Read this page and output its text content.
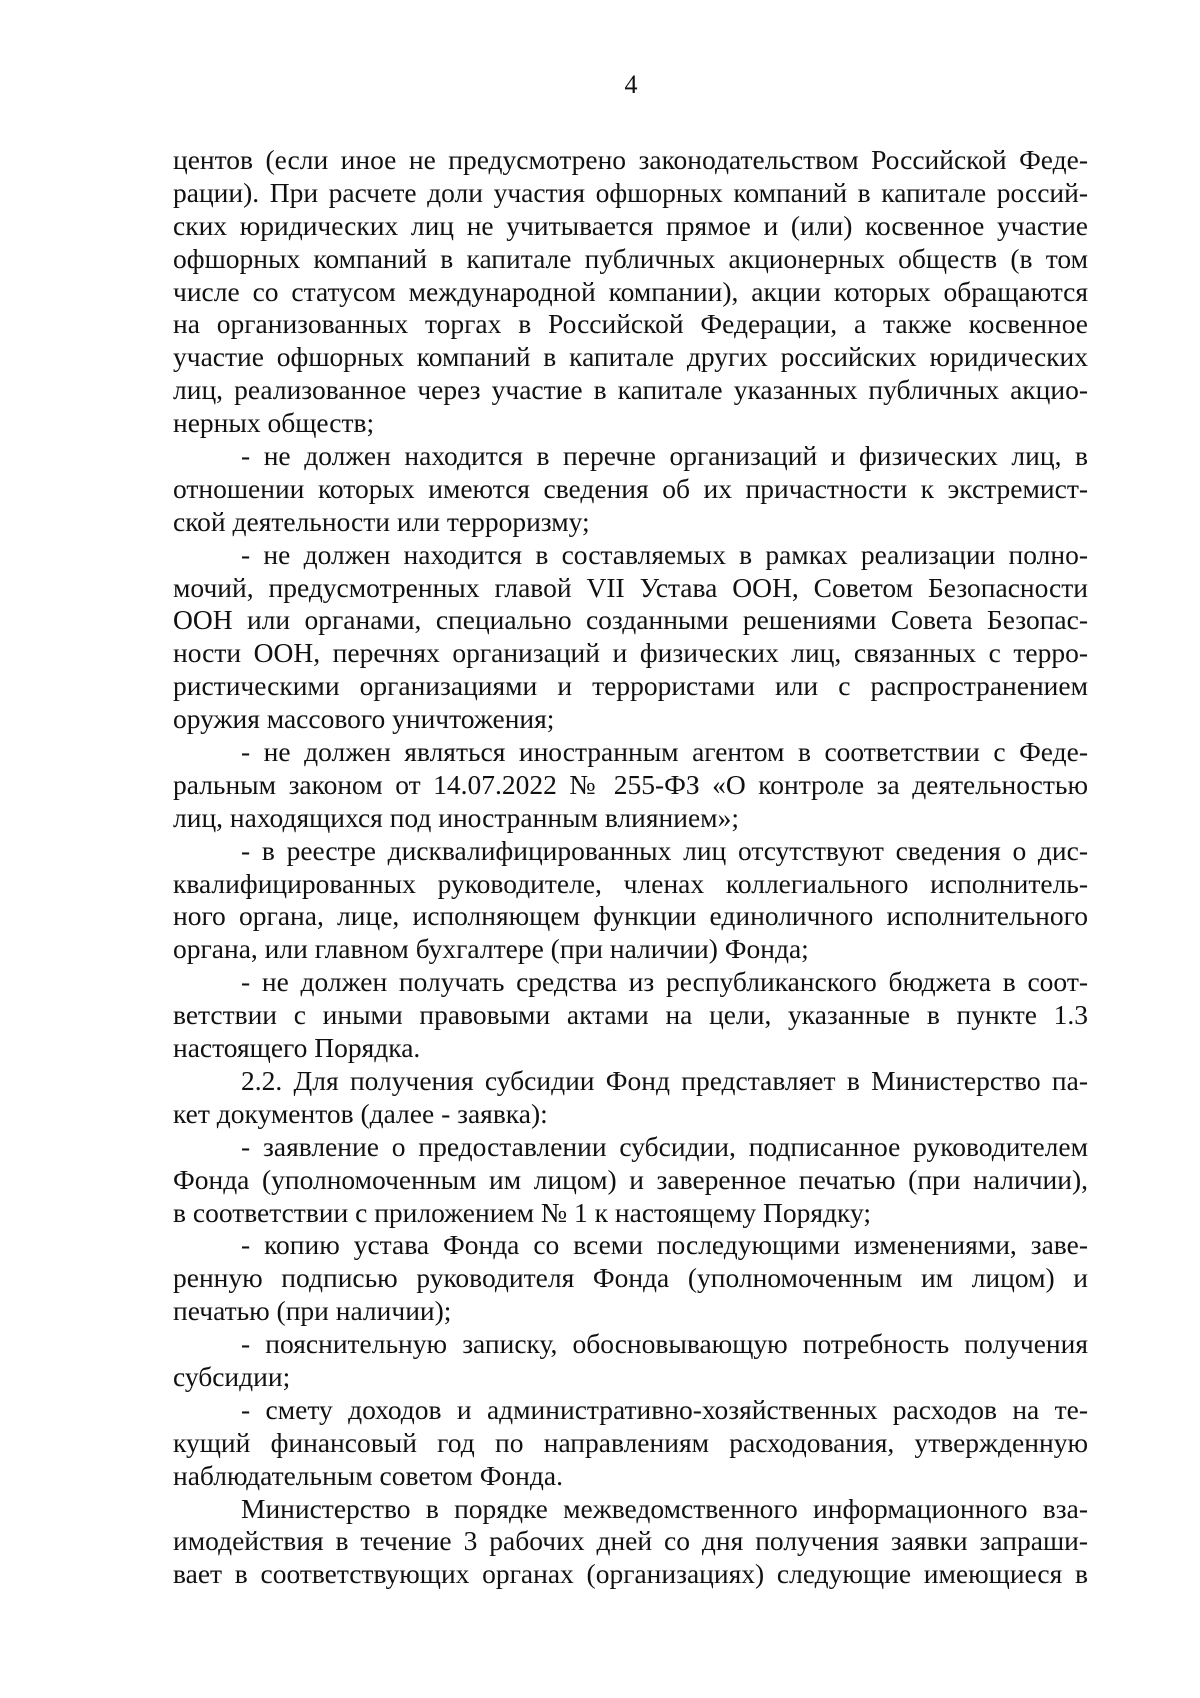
4
центов (если иное не предусмотрено законодательством Российской Феде-
рации). При расчете доли участия офшорных компаний в капитале россий-
ских юридических лиц не учитывается прямое и (или) косвенное участие
офшорных компаний в капитале публичных акционерных обществ (в том
числе со статусом международной компании), акции которых обращаются
на организованных торгах в Российской Федерации, а также косвенное
участие офшорных компаний в капитале других российских юридических
лиц, реализованное через участие в капитале указанных публичных акцио-
нерных обществ;
- не должен находится в перечне организаций и физических лиц, в
отношении которых имеются сведения об их причастности к экстремист-
ской деятельности или терроризму;
- не должен находится в составляемых в рамках реализации полно-
мочий, предусмотренных главой VII Устава ООН, Советом Безопасности
ООН или органами, специально созданными решениями Совета Безопас-
ности ООН, перечнях организаций и физических лиц, связанных с терро-
ристическими организациями и террористами или с распространением
оружия массового уничтожения;
- не должен являться иностранным агентом в соответствии с Феде-
ральным законом от 14.07.2022 № 255-ФЗ «О контроле за деятельностью
лиц, находящихся под иностранным влиянием»;
- в реестре дисквалифицированных лиц отсутствуют сведения о дис-
квалифицированных руководителе, членах коллегиального исполнитель-
ного органа, лице, исполняющем функции единоличного исполнительного
органа, или главном бухгалтере (при наличии) Фонда;
- не должен получать средства из республиканского бюджета в соот-
ветствии с иными правовыми актами на цели, указанные в пункте 1.3
настоящего Порядка.
2.2. Для получения субсидии Фонд представляет в Министерство па-
кет документов (далее - заявка):
- заявление о предоставлении субсидии, подписанное руководителем
Фонда (уполномоченным им лицом) и заверенное печатью (при наличии),
в соответствии с приложением № 1 к настоящему Порядку;
- копию устава Фонда со всеми последующими изменениями, заве-
ренную подписью руководителя Фонда (уполномоченным им лицом) и
печатью (при наличии);
- пояснительную записку, обосновывающую потребность получения
субсидии;
- смету доходов и административно-хозяйственных расходов на те-
кущий финансовый год по направлениям расходования, утвержденную
наблюдательным советом Фонда.
Министерство в порядке межведомственного информационного вза-
имодействия в течение 3 рабочих дней со дня получения заявки запраши-
вает в соответствующих органах (организациях) следующие имеющиеся в
